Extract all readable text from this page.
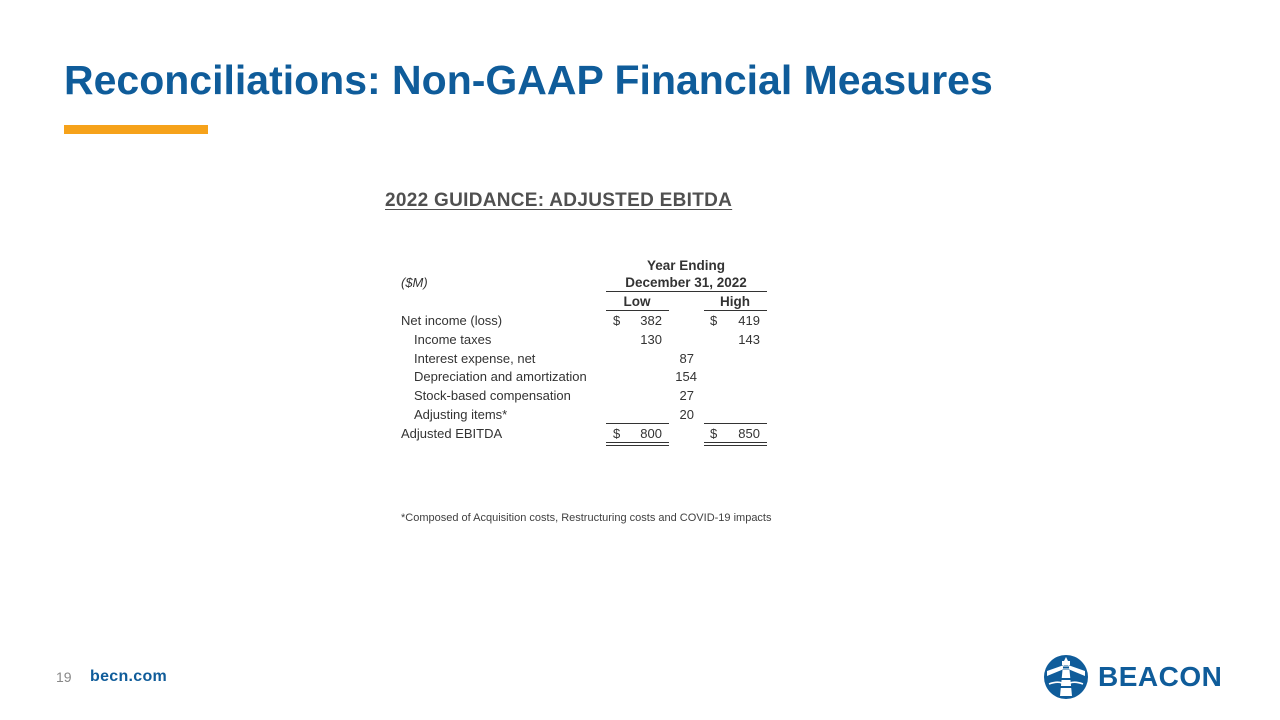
Reconciliations: Non-GAAP Financial Measures
2022 GUIDANCE: ADJUSTED EBITDA
($M)
Year Ending
December 31, 2022
Low	High
Net income (loss)	$ 382	$ 419
Income taxes	130	143
Interest expense, net	87
Depreciation and amortization	154
Stock-based compensation	27
Adjusting items*	20
Adjusted EBITDA	$ 800	$ 850
*Composed of Acquisition costs, Restructuring costs and COVID-19 impacts
19 becn.com	BEACON
